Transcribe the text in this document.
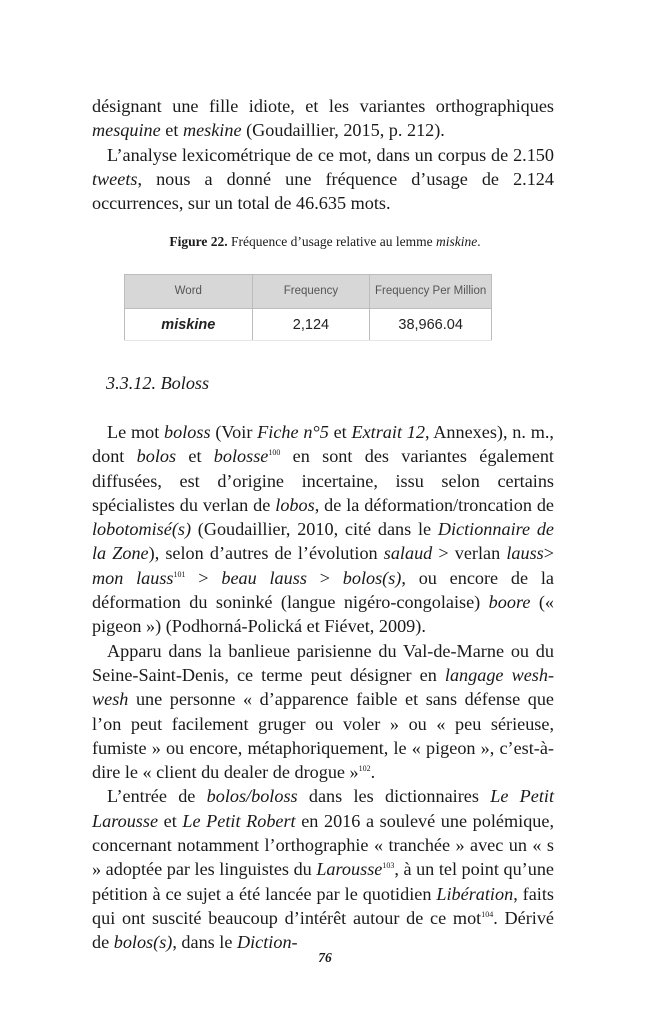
désignant une fille idiote, et les variantes orthographiques mesquine et meskine (Goudaillier, 2015, p. 212).

L’analyse lexicométrique de ce mot, dans un corpus de 2.150 tweets, nous a donné une fréquence d’usage de 2.124 occurrences, sur un total de 46.635 mots.

Figure 22. Fréquence d’usage relative au lemme miskine.
Word	Frequency	Frequency Per Million
miskine	2,124	38,966.04
3.3.12. Boloss

Le mot boloss (Voir Fiche n°5 et Extrait 12, Annexes), n. m., dont bolos et bolosse$^{100}$ en sont des variantes également diffusées, est d’origine incertaine, issu selon certains spécialistes du verlan de lobos, de la déformation/troncation de lobotomisé(s) (Goudaillier, 2010, cité dans le Dictionnaire de la Zone), selon d’autres de l’évolution salaud > verlan lauss> mon lauss$^{101}$ > beau lauss > bolos(s), ou encore de la déformation du soninké (langue nigéro-congolaise) boore (« pigeon ») (Podhorná-Polická et Fiévet, 2009).

Apparu dans la banlieue parisienne du Val-de-Marne ou du Seine-Saint-Denis, ce terme peut désigner en langage wesh-wesh une personne « d’apparence faible et sans défense que l’on peut facilement gruger ou voler » ou « peu sérieuse, fumiste » ou encore, métaphoriquement, le « pigeon », c’est-à-dire le « client du dealer de drogue »$^{102}$.

L’entrée de bolos/boloss dans les dictionnaires Le Petit Larousse et Le Petit Robert en 2016 a soulevé une polémique, concernant notamment l’orthographie « tranchée » avec un « s » adoptée par les linguistes du Larousse$^{103}$, à un tel point qu’une pétition à ce sujet a été lancée par le quotidien Libération, faits qui ont suscité beaucoup d’intérêt autour de ce mot$^{104}$. Dérivé de bolos(s), dans le Diction-

76
